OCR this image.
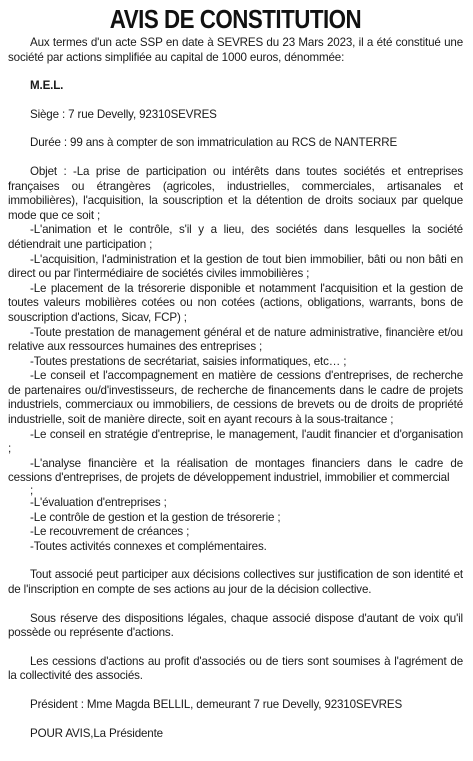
AVIS DE CONSTITUTION

Aux termes d'un acte SSP en date à SEVRES du 23 Mars 2023, il a été constitué une société par actions simplifiée au capital de 1000 euros, dénommée:

M.E.L.

Siège : 7 rue Develly, 92310SEVRES

Durée : 99 ans à compter de son immatriculation au RCS de NANTERRE

Objet : -La prise de participation ou intérêts dans toutes sociétés et entreprises françaises ou étrangères (agricoles, industrielles, commerciales, artisanales et immobilières), l'acquisition, la souscription et la détention de droits sociaux par quelque mode que ce soit ;

-L'animation et le contrôle, s'il y a lieu, des sociétés dans lesquelles la société détiendrait une participation ;
-L'acquisition, l'administration et la gestion de tout bien immobilier, bâti ou non bâti en direct ou par l'intermédiaire de sociétés civiles immobilières ;
-Le placement de la trésorerie disponible et notamment l'acquisition et la gestion de toutes valeurs mobilières cotées ou non cotées (actions, obligations, warrants, bons de souscription d'actions, Sicav, FCP) ;
-Toute prestation de management général et de nature administrative, financière et/ou relative aux ressources humaines des entreprises ;
-Toutes prestations de secrétariat, saisies informatiques, etc… ;
-Le conseil et l'accompagnement en matière de cessions d'entreprises, de recherche de partenaires ou/d'investisseurs, de recherche de financements dans le cadre de projets industriels, commerciaux ou immobiliers, de cessions de brevets ou de droits de propriété industrielle, soit de manière directe, soit en ayant recours à la sous-traitance ;
-Le conseil en stratégie d'entreprise, le management, l'audit financier et d'organisation ;
-L'analyse financière et la réalisation de montages financiers dans le cadre de cessions d'entreprises, de projets de développement industriel, immobilier et commercial
;
-L'évaluation d'entreprises ;
-Le contrôle de gestion et la gestion de trésorerie ;
-Le recouvrement de créances ;
-Toutes activités connexes et complémentaires.

Tout associé peut participer aux décisions collectives sur justification de son identité et de l'inscription en compte de ses actions au jour de la décision collective.

Sous réserve des dispositions légales, chaque associé dispose d'autant de voix qu'il possède ou représente d'actions.

Les cessions d'actions au profit d'associés ou de tiers sont soumises à l'agrément de la collectivité des associés.

Président : Mme Magda BELLIL, demeurant 7 rue Develly, 92310SEVRES

POUR AVIS,La Présidente
